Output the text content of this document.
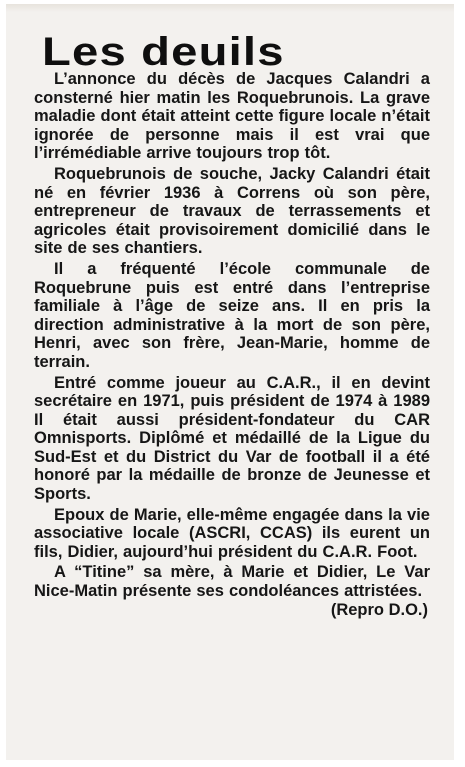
Les deuils

L’annonce du décès de Jacques Calandri a consterné hier matin les Roquebrunois. La grave maladie dont était atteint cette figure locale n’était ignorée de personne mais il est vrai que l’irrémédiable arrive toujours trop tôt.

Roquebrunois de souche, Jacky Calandri était né en février 1936 à Correns où son père, entrepreneur de travaux de terrassements et agricoles était provisoirement domicilié dans le site de ses chantiers.

Il a fréquenté l’école communale de Roquebrune puis est entré dans l’entreprise familiale à l’âge de seize ans. Il en pris la direction administrative à la mort de son père, Henri, avec son frère, Jean-Marie, homme de terrain.

Entré comme joueur au C.A.R., il en devint secrétaire en 1971, puis président de 1974 à 1989 Il était aussi président-fondateur du CAR Omnisports. Diplômé et médaillé de la Ligue du Sud-Est et du District du Var de football il a été honoré par la médaille de bronze de Jeunesse et Sports.

Epoux de Marie, elle-même engagée dans la vie associative locale (ASCRI, CCAS) ils eurent un fils, Didier, aujourd’hui président du C.A.R. Foot.

A “Titine” sa mère, à Marie et Didier, Le Var Nice-Matin présente ses condoléances attristées.

(Repro D.O.)
